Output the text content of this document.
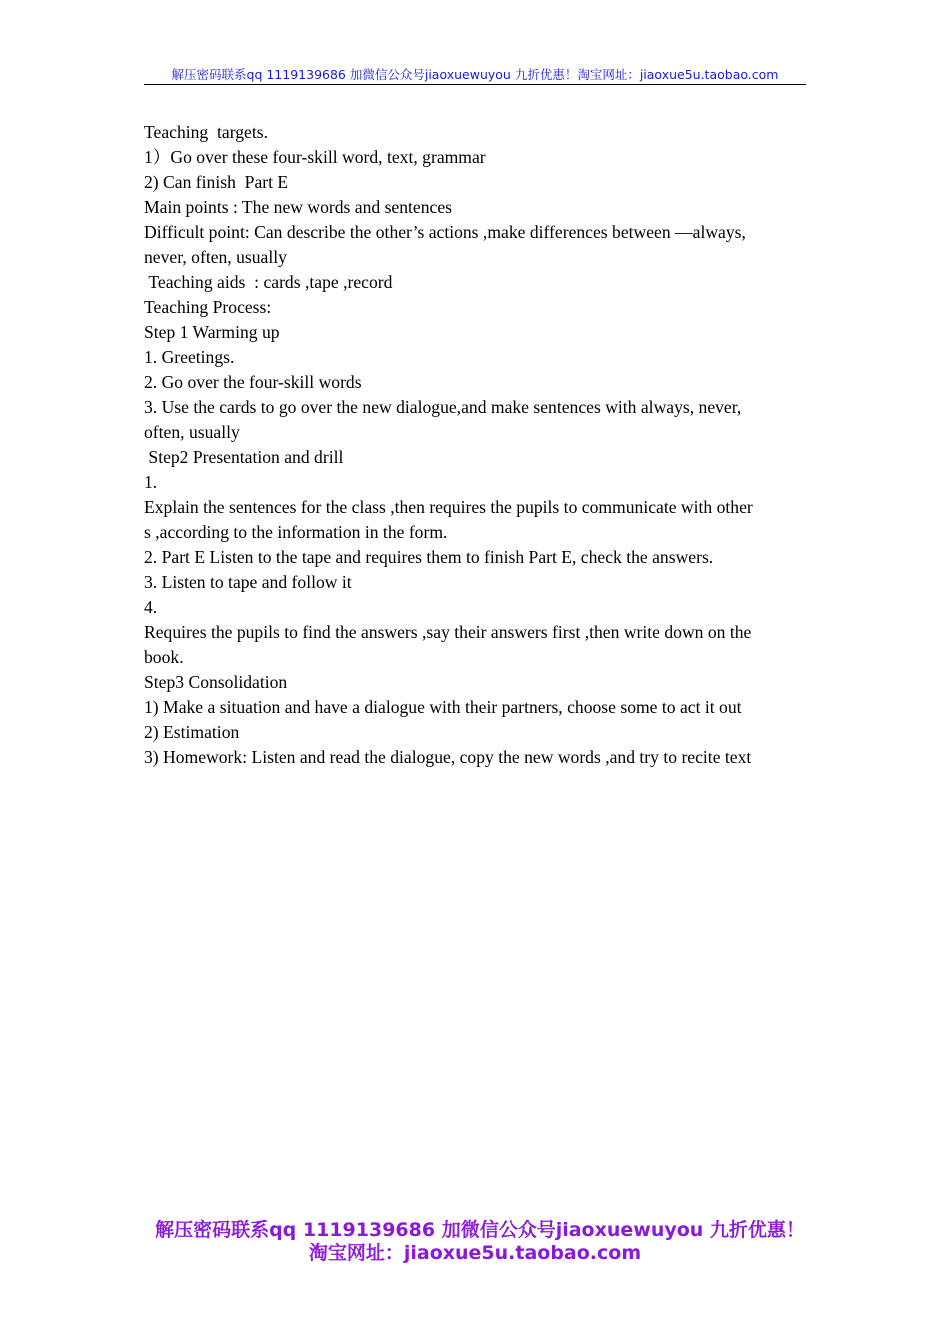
解压密码联系qq 1119139686 加微信公众号jiaoxuewuyou 九折优惠！淘宝网址：jiaoxue5u.taobao.com

Teaching  targets.

1）Go over these four-skill word, text, grammar

2) Can finish  Part E

Main points : The new words and sentences

Difficult point: Can describe the other’s actions ,make differences between —always,

never, often, usually

Teaching aids  : cards ,tape ,record

Teaching Process:

Step 1 Warming up

1. Greetings.

2. Go over the four-skill words

3. Use the cards to go over the new dialogue,and make sentences with always, never,

often, usually

Step2 Presentation and drill

1.

Explain the sentences for the class ,then requires the pupils to communicate with other

s ,according to the information in the form.

2. Part E Listen to the tape and requires them to finish Part E, check the answers.

3. Listen to tape and follow it

4.

Requires the pupils to find the answers ,say their answers first ,then write down on the

book.

Step3 Consolidation

1) Make a situation and have a dialogue with their partners, choose some to act it out

2) Estimation

3) Homework: Listen and read the dialogue, copy the new words ,and try to recite text

解压密码联系qq 1119139686 加微信公众号jiaoxuewuyou 九折优惠！
淘宝网址：jiaoxue5u.taobao.com
